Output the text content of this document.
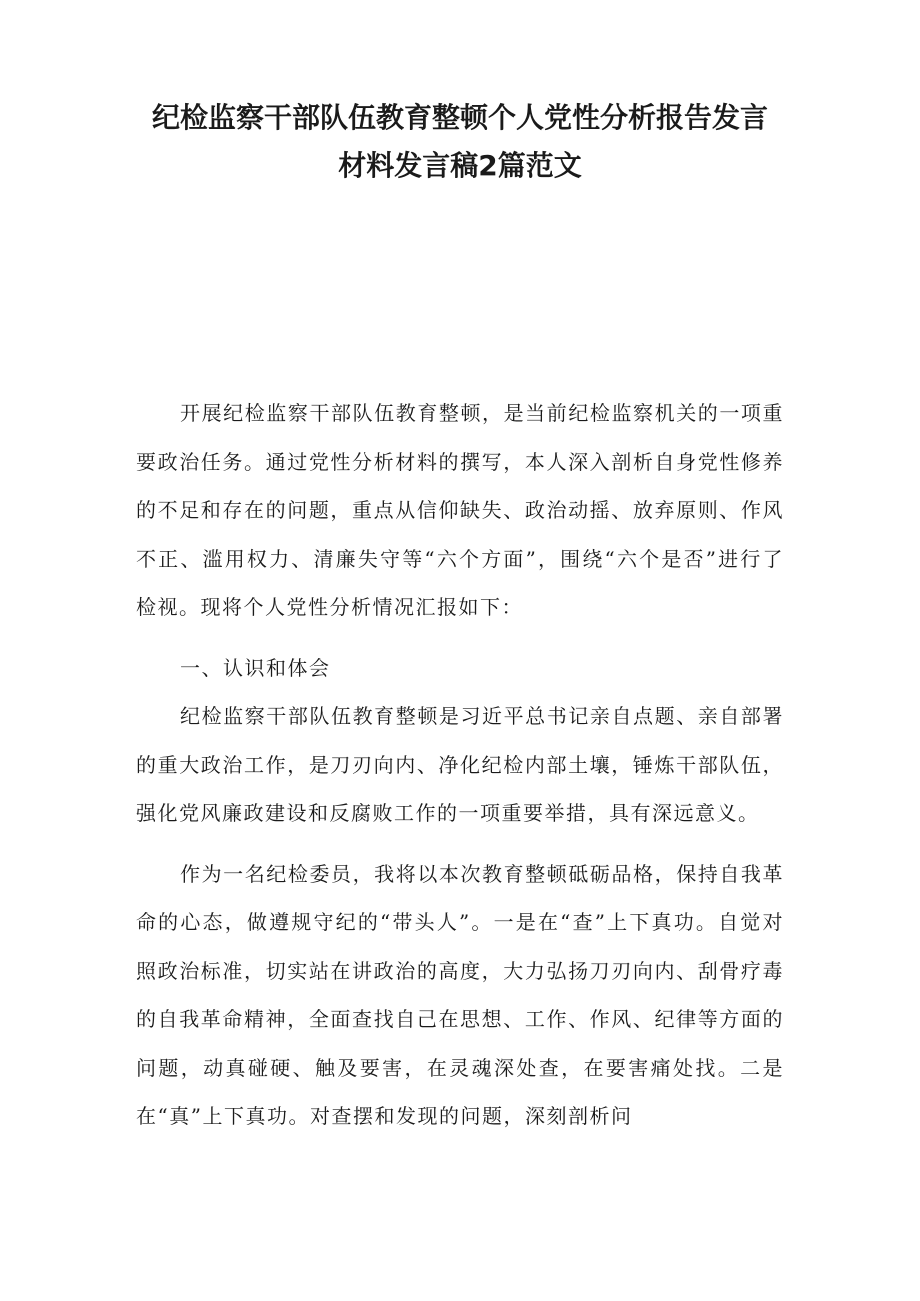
纪检监察干部队伍教育整顿个人党性分析报告发言
材料发言稿2篇范文

开展纪检监察干部队伍教育整顿，是当前纪检监察机关的一项重要政治任务。通过党性分析材料的撰写，本人深入剖析自身党性修养的不足和存在的问题，重点从信仰缺失、政治动摇、放弃原则、作风不正、滥用权力、清廉失守等“六个方面”，围绕“六个是否”进行了检视。现将个人党性分析情况汇报如下：

一、认识和体会

纪检监察干部队伍教育整顿是习近平总书记亲自点题、亲自部署的重大政治工作，是刀刃向内、净化纪检内部土壤，锤炼干部队伍，强化党风廉政建设和反腐败工作的一项重要举措，具有深远意义。

作为一名纪检委员，我将以本次教育整顿砥砺品格，保持自我革命的心态，做遵规守纪的“带头人”。一是在“查”上下真功。自觉对照政治标准，切实站在讲政治的高度，大力弘扬刀刃向内、刮骨疗毒的自我革命精神，全面查找自己在思想、工作、作风、纪律等方面的问题，动真碰硬、触及要害，在灵魂深处查，在要害痛处找。二是在“真”上下真功。对查摆和发现的问题，深刻剖析问
